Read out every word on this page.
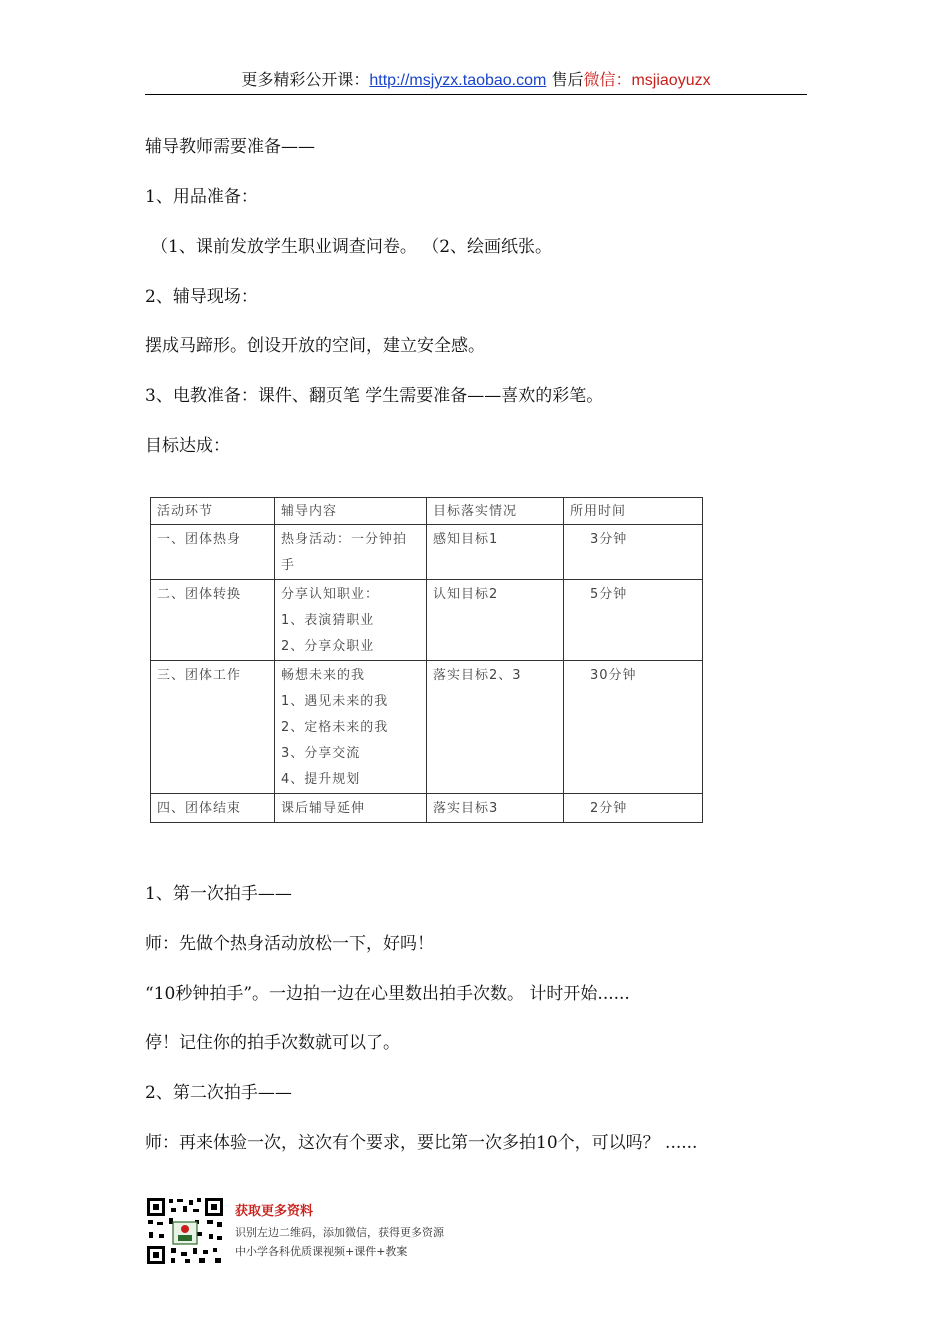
更多精彩公开课：http://msjyzx.taobao.com 售后微信：msjiaoyuzx
辅导教师需要准备——
1、用品准备：
（1、课前发放学生职业调查问卷。 （2、绘画纸张。
2、辅导现场：
摆成马蹄形。创设开放的空间，建立安全感。
3、电教准备：课件、翻页笔 学生需要准备——喜欢的彩笔。
目标达成：
活动环节	辅导内容	目标落实情况	所用时间
一、团体热身	热身活动：一分钟拍
手	感知目标1	3分钟
二、团体转换	分享认知职业：
1、表演猜职业
2、分享众职业	认知目标2	5分钟
三、团体工作	畅想未来的我
1、遇见未来的我
2、定格未来的我
3、分享交流
4、提升规划	落实目标2、3	30分钟
四、团体结束	课后辅导延伸	落实目标3	2分钟
1、第一次拍手——
师：先做个热身活动放松一下，好吗！
“10秒钟拍手”。一边拍一边在心里数出拍手次数。 计时开始......
停！记住你的拍手次数就可以了。
2、第二次拍手——
师：再来体验一次，这次有个要求，要比第一次多拍10个，可以吗？ ......
获取更多资料
识别左边二维码，添加微信，获得更多资源
中小学各科优质课视频+课件+教案
